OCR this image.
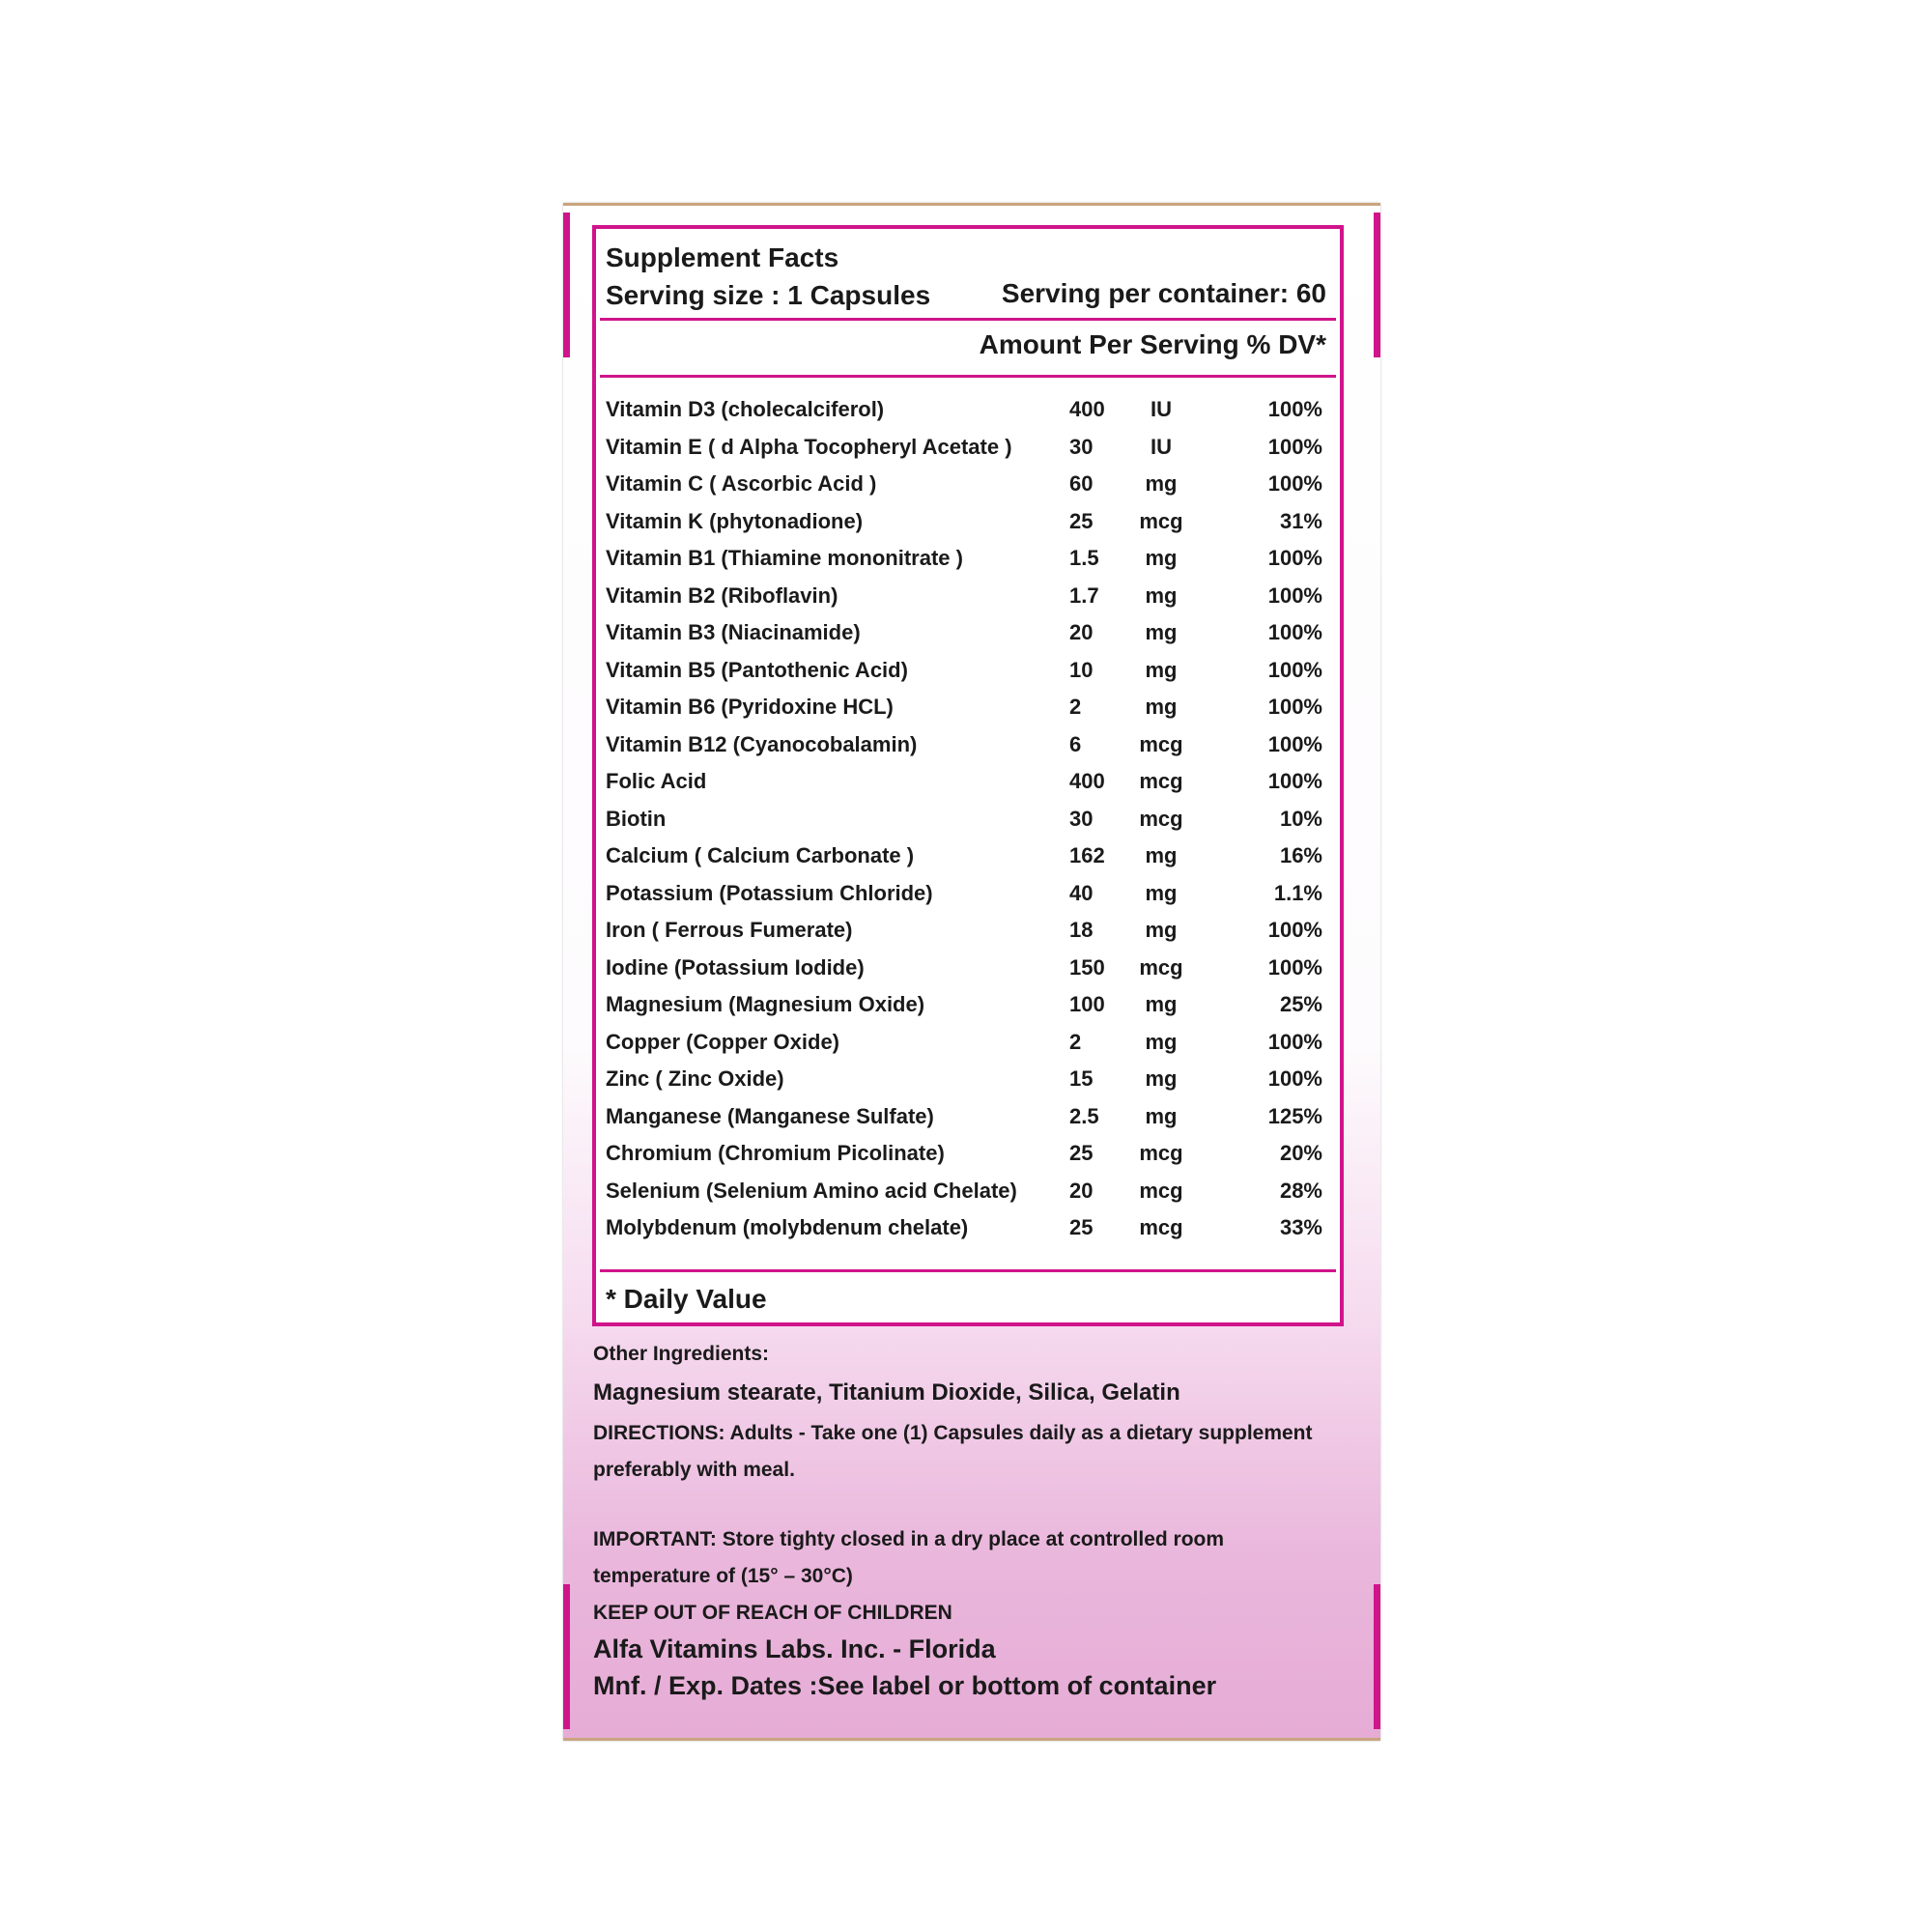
Supplement Facts
Serving size : 1 Capsules	Serving per container: 60
Amount Per Serving % DV*
Vitamin D3 (cholecalciferol)	400	IU	100%
Vitamin E ( d Alpha Tocopheryl Acetate )	30	IU	100%
Vitamin C ( Ascorbic Acid )	60	mg	100%
Vitamin K (phytonadione)	25	mcg	31%
Vitamin B1 (Thiamine mononitrate )	1.5	mg	100%
Vitamin B2 (Riboflavin)	1.7	mg	100%
Vitamin B3 (Niacinamide)	20	mg	100%
Vitamin B5 (Pantothenic Acid)	10	mg	100%
Vitamin B6 (Pyridoxine HCL)	2	mg	100%
Vitamin B12 (Cyanocobalamin)	6	mcg	100%
Folic Acid	400	mcg	100%
Biotin	30	mcg	10%
Calcium ( Calcium Carbonate )	162	mg	16%
Potassium (Potassium Chloride)	40	mg	1.1%
Iron ( Ferrous Fumerate)	18	mg	100%
Iodine (Potassium Iodide)	150	mcg	100%
Magnesium (Magnesium Oxide)	100	mg	25%
Copper (Copper Oxide)	2	mg	100%
Zinc ( Zinc Oxide)	15	mg	100%
Manganese (Manganese Sulfate)	2.5	mg	125%
Chromium (Chromium Picolinate)	25	mcg	20%
Selenium (Selenium Amino acid Chelate) 20	mcg	28%
Molybdenum (molybdenum chelate)	25	mcg	33%
* Daily Value
Other Ingredients:
Magnesium stearate, Titanium Dioxide, Silica, Gelatin
DIRECTIONS: Adults - Take one (1) Capsules daily as a dietary supplement
preferably with meal.
IMPORTANT: Store tighty closed in a dry place at controlled room
temperature of (15° – 30°C)
KEEP OUT OF REACH OF CHILDREN
Alfa Vitamins Labs. Inc. - Florida
Mnf. / Exp. Dates :See label or bottom of container
